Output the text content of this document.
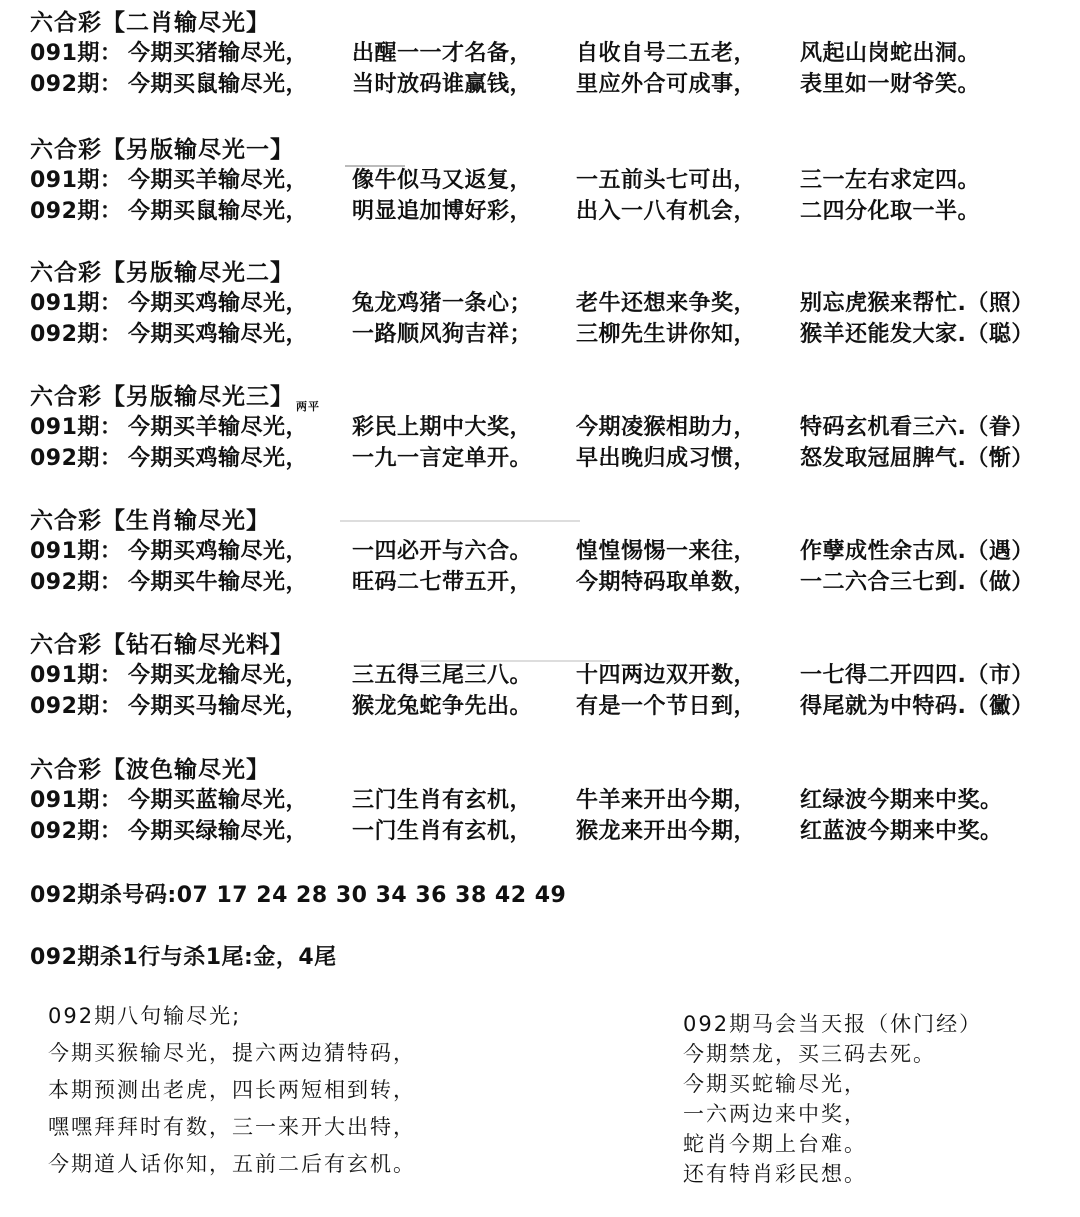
六合彩【二肖输尽光】
091期： 今期买猪输尽光， 出醒一一才名备， 自收自号二五老， 风起山岗蛇出洞。
092期： 今期买鼠输尽光， 当时放码谁赢钱， 里应外合可成事， 表里如一财爷笑。
六合彩【另版输尽光一】
091期： 今期买羊输尽光， 像牛似马又返复， 一五前头七可出， 三一左右求定四。
092期： 今期买鼠输尽光， 明显追加博好彩， 出入一八有机会， 二四分化取一半。
六合彩【另版输尽光二】
091期： 今期买鸡输尽光， 兔龙鸡猪一条心； 老牛还想来争奖， 别忘虎猴来帮忙.（照）
092期： 今期买鸡输尽光， 一路顺风狗吉祥； 三柳先生讲你知， 猴羊还能发大家.（聪）
六合彩【另版输尽光三】 $_{两平}$
091期： 今期买羊输尽光， 彩民上期中大奖， 今期凌猴相助力， 特码玄机看三六.（眷）
092期： 今期买鸡输尽光， 一九一言定单开。 早出晚归成习惯， 怒发取冠屈脾气.（惭）
六合彩【生肖输尽光】
091期： 今期买鸡输尽光， 一四必开与六合。 惶惶惕惕一来往， 作孽成性余古凤.（遇）
092期： 今期买牛输尽光， 旺码二七带五开， 今期特码取单数， 一二六合三七到.（做）
六合彩【钻石输尽光料】
091期： 今期买龙输尽光， 三五得三尾三八。 十四两边双开数， 一七得二开四四.（市）
092期： 今期买马输尽光， 猴龙兔蛇争先出。 有是一个节日到， 得尾就为中特码.（黴）
六合彩【波色输尽光】
091期： 今期买蓝输尽光， 三门生肖有玄机， 牛羊来开出今期， 红绿波今期来中奖。
092期： 今期买绿输尽光， 一门生肖有玄机， 猴龙来开出今期， 红蓝波今期来中奖。
092期杀号码:07 17 24 28 30 34 36 38 42 49
092期杀1行与杀1尾:金，4尾
092期八句输尽光;
今期买猴输尽光，提六两边猜特码，
本期预测出老虎，四长两短相到转，
嘿嘿拜拜时有数，三一来开大出特，
今期道人话你知，五前二后有玄机。
092期马会当天报（休门经）
今期禁龙，买三码去死。
今期买蛇输尽光，
一六两边来中奖，
蛇肖今期上台难。
还有特肖彩民想。
